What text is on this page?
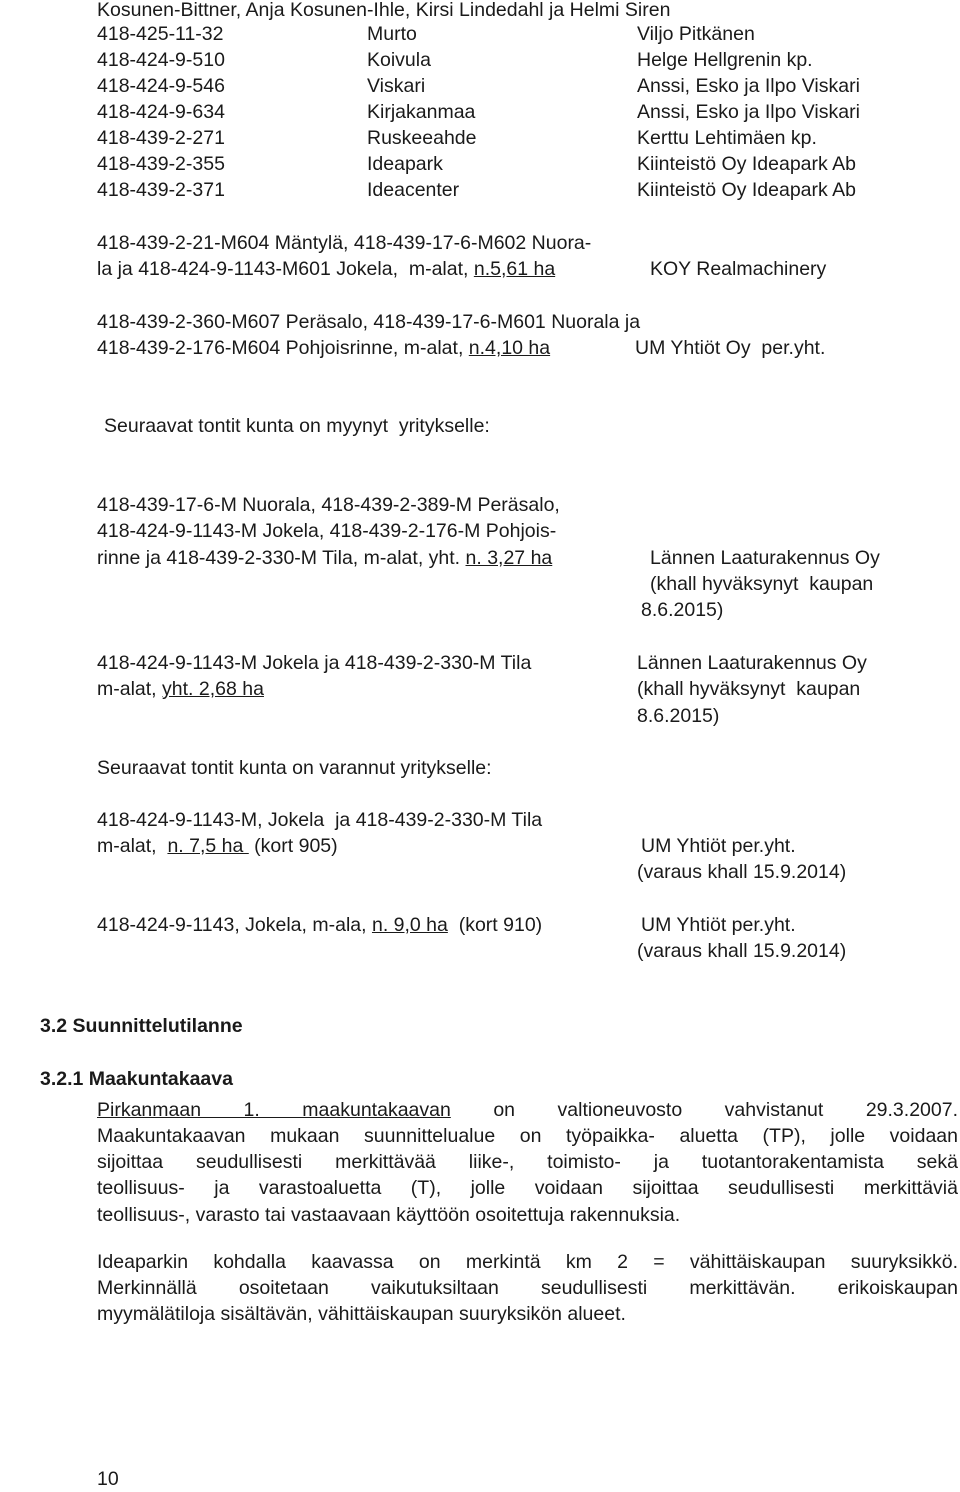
Kosunen-Bittner, Anja Kosunen-Ihle, Kirsi Lindedahl ja Helmi Siren
418-425-11-32	Murto	Viljo Pitkänen
418-424-9-510	Koivula	Helge Hellgrenin kp.
418-424-9-546	Viskari	Anssi, Esko ja Ilpo Viskari
418-424-9-634	Kirjakanmaa	Anssi, Esko ja Ilpo Viskari
418-439-2-271	Ruskeeahde	Kerttu Lehtimäen kp.
418-439-2-355	Ideapark	Kiinteistö Oy Ideapark Ab
418-439-2-371	Ideacenter	Kiinteistö Oy Ideapark Ab
418-439-2-21-M604 Mäntylä, 418-439-17-6-M602 Nuora-
la ja 418-424-9-1143-M601 Jokela,  m-alat, n.5,61 ha	KOY Realmachinery
418-439-2-360-M607 Peräsalo, 418-439-17-6-M601 Nuorala ja
418-439-2-176-M604 Pohjoisrinne, m-alat, n.4,10 ha	UM Yhtiöt Oy  per.yht.
Seuraavat tontit kunta on myynyt  yritykselle:
418-439-17-6-M Nuorala, 418-439-2-389-M Peräsalo,
418-424-9-1143-M Jokela, 418-439-2-176-M Pohjois-
rinne ja 418-439-2-330-M Tila, m-alat, yht. n. 3,27 ha	Lännen Laaturakennus Oy
(khall hyväksynyt  kaupan
8.6.2015)
418-424-9-1143-M Jokela ja 418-439-2-330-M Tila
m-alat, yht. 2,68 ha
Lännen Laaturakennus Oy
(khall hyväksynyt  kaupan
8.6.2015)
Seuraavat tontit kunta on varannut yritykselle:
418-424-9-1143-M, Jokela  ja 418-439-2-330-M Tila
m-alat,  n. 7,5 ha  (kort 905)	UM Yhtiöt per.yht.
(varaus khall 15.9.2014)
418-424-9-1143, Jokela, m-ala, n. 9,0 ha  (kort 910)	UM Yhtiöt per.yht.
(varaus khall 15.9.2014)
3.2 Suunnittelutilanne
3.2.1 Maakuntakaava
Pirkanmaan 1. maakuntakaavan on valtioneuvosto vahvistanut 29.3.2007.
Maakuntakaavan mukaan suunnittelualue on työpaikka- aluetta (TP), jolle voidaan
sijoittaa seudullisesti merkittävää liike-, toimisto- ja tuotantorakentamista sekä
teollisuus- ja varastoaluetta (T), jolle voidaan sijoittaa seudullisesti merkittäviä
teollisuus-, varasto tai vastaavaan käyttöön osoitettuja rakennuksia.
Ideaparkin kohdalla kaavassa on merkintä km 2 = vähittäiskaupan suuryksikkö.
Merkinnällä osoitetaan vaikutuksiltaan seudullisesti merkittävän. erikoiskaupan
myymälätiloja sisältävän, vähittäiskaupan suuryksikön alueet.
10
